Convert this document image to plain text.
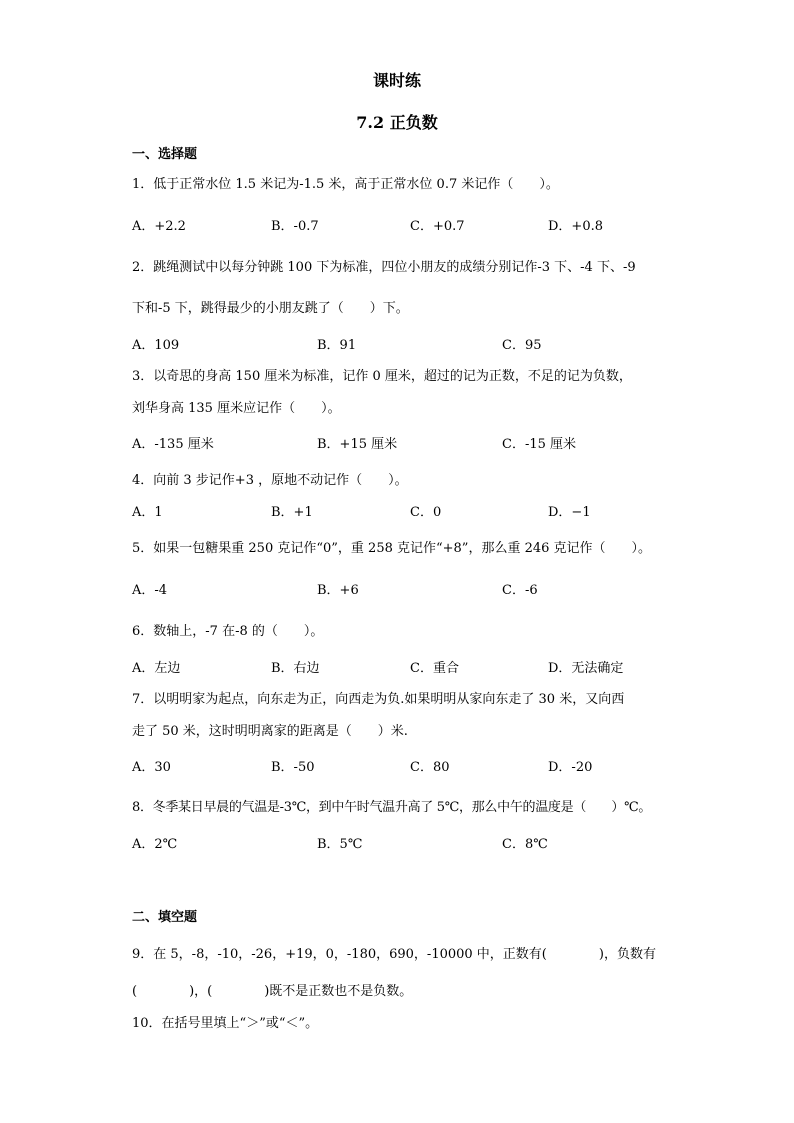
课时练
7.2 正负数
一、选择题
1．低于正常水位 1.5 米记为-1.5 米，高于正常水位 0.7 米记作（　　）。
A．+2.2	B．-0.7	C．+0.7	D．+0.8
2．跳绳测试中以每分钟跳 100 下为标准，四位小朋友的成绩分别记作-3 下、-4 下、-9
下和-5 下，跳得最少的小朋友跳了（　　）下。
A．109	B．91	C．95
3．以奇思的身高 150 厘米为标准，记作 0 厘米，超过的记为正数，不足的记为负数，
刘华身高 135 厘米应记作（　　）。
A．-135 厘米	B．+15 厘米	C．-15 厘米
4．向前 3 步记作+3 ，原地不动记作（　　）。
A．1	B．+1	C．0	D．−1
5．如果一包糖果重 250 克记作“0”，重 258 克记作“+8”，那么重 246 克记作（　　）。
A．-4	B．+6	C．-6
6．数轴上，-7 在-8 的（　　）。
A．左边	B．右边	C．重合	D．无法确定
7．以明明家为起点，向东走为正，向西走为负.如果明明从家向东走了 30 米，又向西
走了 50 米，这时明明离家的距离是（　　）米.
A．30	B．-50	C．80	D．-20
8．冬季某日早晨的气温是-3℃，到中午时气温升高了 5℃，那么中午的温度是（　　）℃。
A．2℃	B．5℃	C．8℃
二、填空题
9．在 5，-8，-10，-26，+19，0，-180，690，-10000 中，正数有(　　　　)，负数有
(　　　　)，(　　　　)既不是正数也不是负数。
10．在括号里填上“＞”或“＜”。
